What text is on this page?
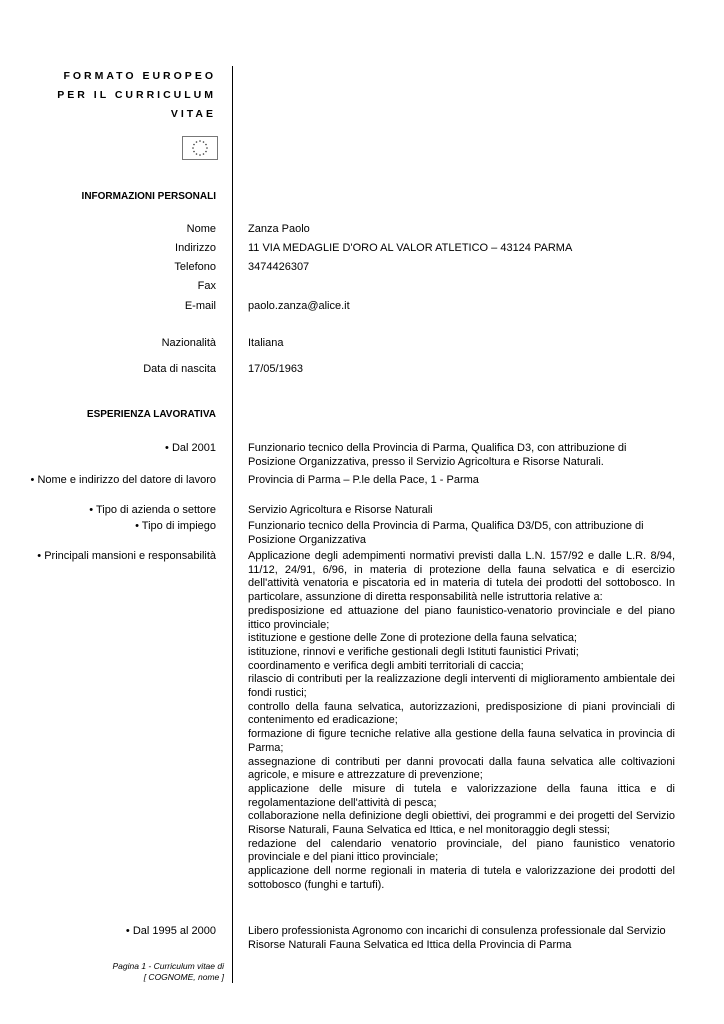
FORMATO EUROPEO
PER IL CURRICULUM
VITAE
INFORMAZIONI PERSONALI
Nome	Zanza Paolo
Indirizzo	11 VIA MEDAGLIE D'ORO AL VALOR ATLETICO – 43124 PARMA
Telefono	3474426307
Fax
E-mail	paolo.zanza@alice.it
Nazionalità	Italiana
Data di nascita	17/05/1963
ESPERIENZA LAVORATIVA
• Dal 2001	Funzionario tecnico della Provincia di Parma, Qualifica D3, con attribuzione di Posizione Organizzativa, presso il Servizio Agricoltura e Risorse Naturali.
• Nome e indirizzo del datore di lavoro	Provincia di Parma – P.le della Pace, 1 - Parma
• Tipo di azienda o settore	Servizio Agricoltura e Risorse Naturali
• Tipo di impiego	Funzionario tecnico della Provincia di Parma, Qualifica D3/D5, con attribuzione di Posizione Organizzativa
• Principali mansioni e responsabilità	Applicazione degli adempimenti normativi previsti dalla L.N. 157/92 e dalle L.R. 8/94, 11/12, 24/91, 6/96, in materia di protezione della fauna selvatica e di esercizio dell'attività venatoria e piscatoria ed in materia di tutela dei prodotti del sottobosco. In particolare, assunzione di diretta responsabilità nelle istruttoria relative a:
predisposizione ed attuazione del piano faunistico-venatorio provinciale e del piano ittico provinciale;
istituzione e gestione delle Zone di protezione della fauna selvatica;
istituzione, rinnovi e verifiche gestionali degli Istituti faunistici Privati;
coordinamento e verifica degli ambiti territoriali di caccia;
rilascio di contributi per la realizzazione degli interventi di miglioramento ambientale dei fondi rustici;
controllo della fauna selvatica, autorizzazioni, predisposizione di piani provinciali di contenimento ed eradicazione;
formazione di figure tecniche relative alla gestione della fauna selvatica in provincia di Parma;
assegnazione di contributi per danni provocati dalla fauna selvatica alle coltivazioni agricole, e misure e attrezzature di prevenzione;
applicazione delle misure di tutela e valorizzazione della fauna ittica e di regolamentazione dell'attività di pesca;
collaborazione nella definizione degli obiettivi, dei programmi e dei progetti del Servizio Risorse Naturali, Fauna Selvatica ed Ittica, e nel monitoraggio degli stessi;
redazione del calendario venatorio provinciale, del piano faunistico venatorio provinciale e del piani ittico provinciale;
applicazione dell norme regionali in materia di tutela e valorizzazione dei prodotti del sottobosco (funghi e tartufi).
• Dal 1995 al 2000	Libero professionista Agronomo con incarichi di consulenza professionale dal Servizio Risorse Naturali Fauna Selvatica ed Ittica della Provincia di Parma
Pagina 1 - Curriculum vitae di
[ COGNOME, nome ]
